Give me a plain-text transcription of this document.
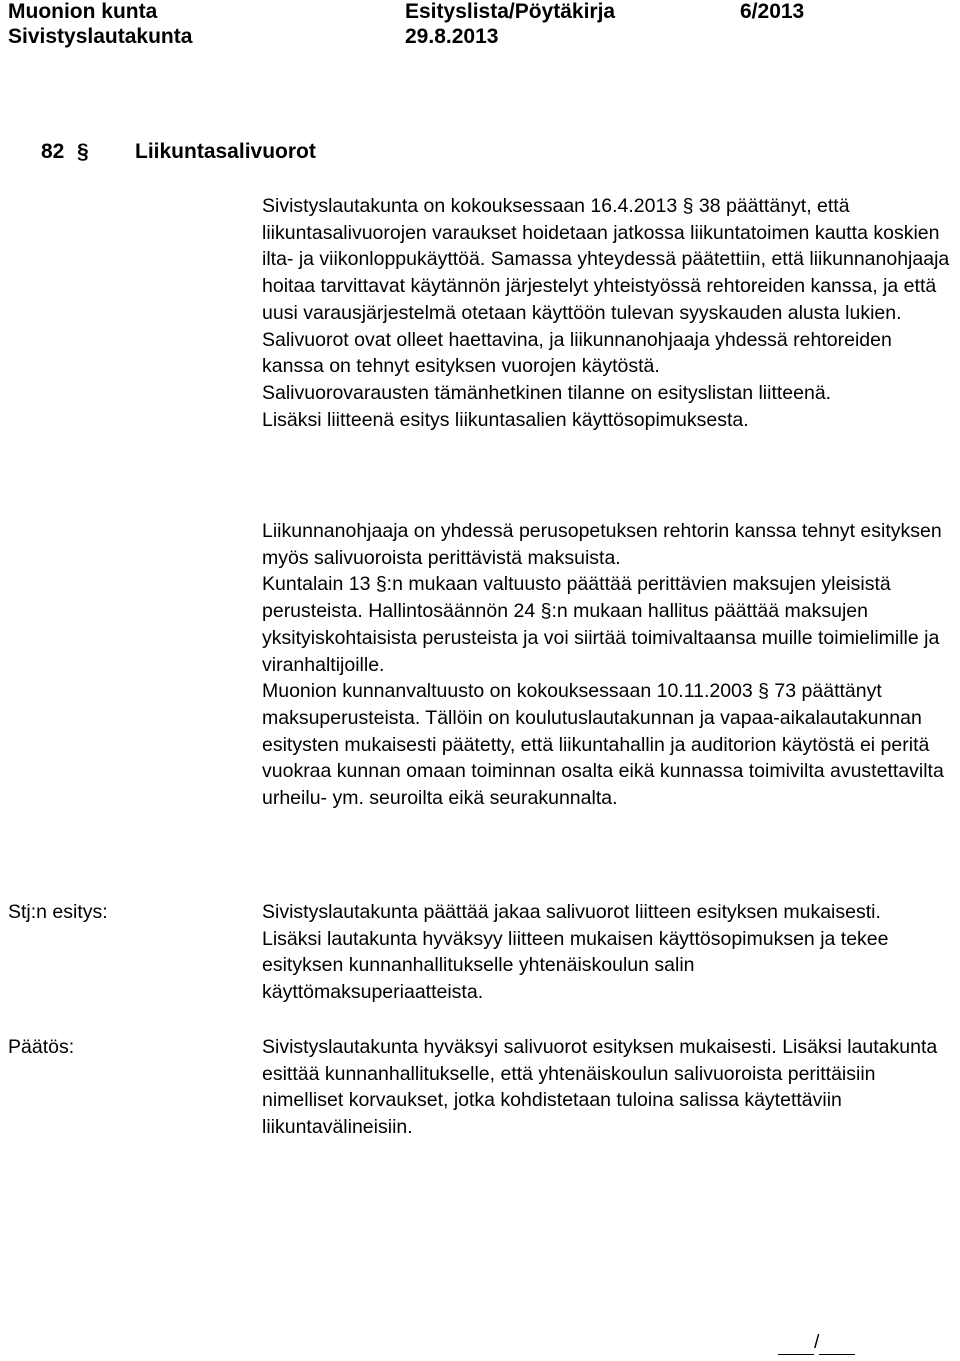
Muonion kunta	Esityslista/Pöytäkirja	6/2013
Sivistyslautakunta	29.8.2013
82 § Liikuntasalivuorot

Sivistyslautakunta on kokouksessaan 16.4.2013 § 38 päättänyt, että liikuntasalivuorojen varaukset hoidetaan jatkossa liikuntatoimen kautta koskien ilta- ja viikonloppukäyttöä. Samassa yhteydessä päätettiin, että liikunnanohjaaja hoitaa tarvittavat käytännön järjestelyt yhteistyössä rehtoreiden kanssa, ja että uusi varausjärjestelmä otetaan käyttöön tulevan syyskauden alusta lukien.

Salivuorot ovat olleet haettavina, ja liikunnanohjaaja yhdessä rehtoreiden kanssa on tehnyt esityksen vuorojen käytöstä.

Salivuorovarausten tämänhetkinen tilanne on esityslistan liitteenä.

Lisäksi liitteenä esitys liikuntasalien käyttösopimuksesta.

Liikunnanohjaaja on yhdessä perusopetuksen rehtorin kanssa tehnyt esityksen myös salivuoroista perittävistä maksuista.

Kuntalain 13 §:n mukaan valtuusto päättää perittävien maksujen yleisistä perusteista. Hallintosäännön 24 §:n mukaan hallitus päättää maksujen yksityiskohtaisista perusteista ja voi siirtää toimivaltaansa muille toimielimille ja viranhaltijoille.

Muonion kunnanvaltuusto on kokouksessaan 10.11.2003 § 73 päättänyt maksuperusteista. Tällöin on koulutuslautakunnan ja vapaa-aikalautakunnan esitysten mukaisesti päätetty, että liikuntahallin ja auditorion käytöstä ei peritä vuokraa kunnan omaan toiminnan osalta eikä kunnassa toimivilta avustettavilta urheilu- ym. seuroilta eikä seurakunnalta.

Stj:n esitys:	Sivistyslautakunta päättää jakaa salivuorot liitteen esityksen mukaisesti. Lisäksi lautakunta hyväksyy liitteen mukaisen käyttösopimuksen ja tekee esityksen kunnanhallitukselle yhtenäiskoulun salin käyttömaksuperiaatteista.

Päätös:	Sivistyslautakunta hyväksyi salivuorot esityksen mukaisesti. Lisäksi lautakunta esittää kunnanhallitukselle, että yhtenäiskoulun salivuoroista perittäisiin nimelliset korvaukset, jotka kohdistetaan tuloina salissa käytettäviin liikuntavälineisiin.

/
